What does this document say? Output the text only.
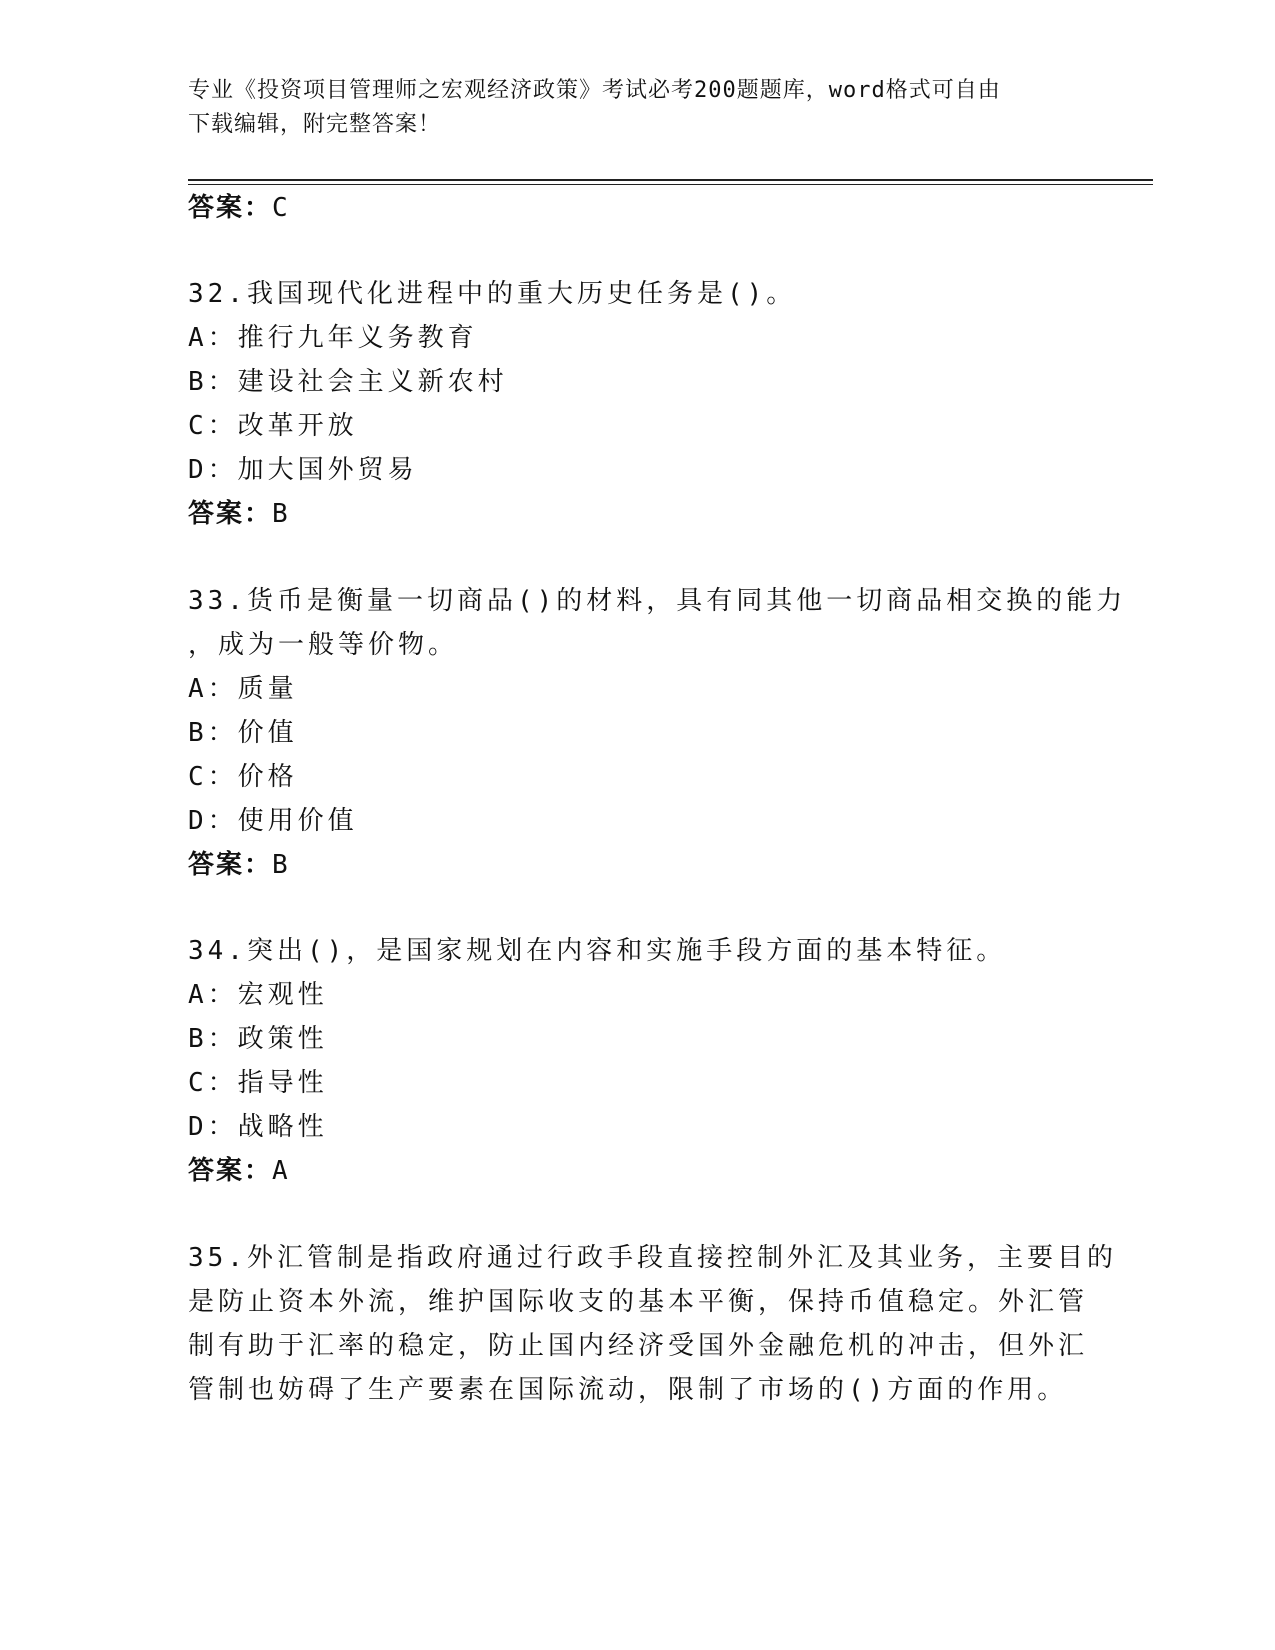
专业《投资项目管理师之宏观经济政策》考试必考200题题库，word格式可自由
下载编辑，附完整答案！
答案：C
32.我国现代化进程中的重大历史任务是()。
A：推行九年义务教育
B：建设社会主义新农村
C：改革开放
D：加大国外贸易
答案：B
33.货币是衡量一切商品()的材料，具有同其他一切商品相交换的能力
，成为一般等价物。
A：质量
B：价值
C：价格
D：使用价值
答案：B
34.突出()，是国家规划在内容和实施手段方面的基本特征。
A：宏观性
B：政策性
C：指导性
D：战略性
答案：A
35.外汇管制是指政府通过行政手段直接控制外汇及其业务，主要目的
是防止资本外流，维护国际收支的基本平衡，保持币值稳定。外汇管
制有助于汇率的稳定，防止国内经济受国外金融危机的冲击，但外汇
管制也妨碍了生产要素在国际流动，限制了市场的()方面的作用。
